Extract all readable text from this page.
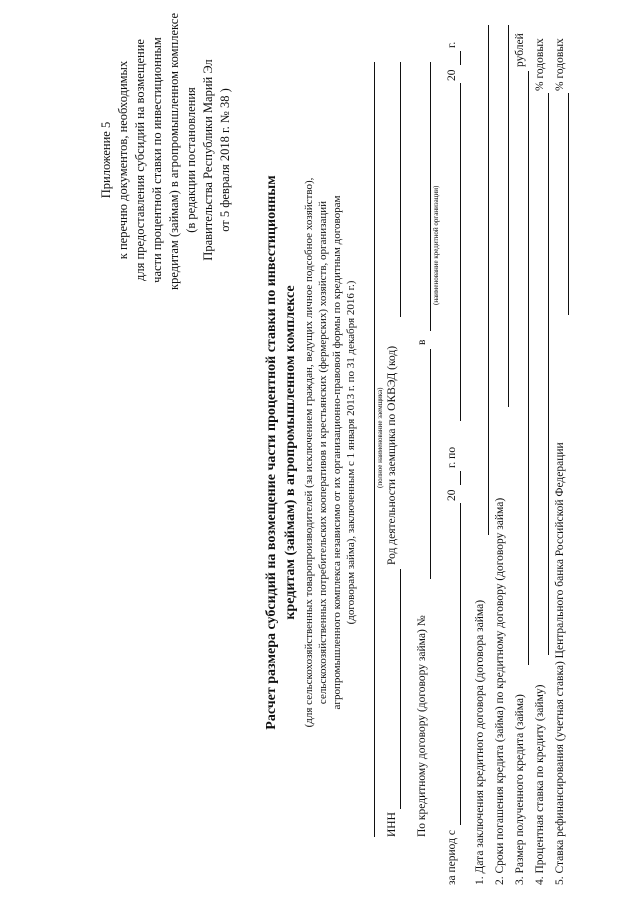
Приложение 5 к перечню документов, необходимых для предоставления субсидий на возмещение части процентной ставки по инвестиционным кредитам (займам) в агропромышленном комплексе (в редакции постановления Правительства Республики Марий Эл от 5 февраля 2018 г. № 38 )
Расчет размера субсидий на возмещение части процентной ставки по инвестиционным кредитам (займам) в агропромышленном комплексе (для сельскохозяйственных товаропроизводителей (за исключением граждан, ведущих личное подсобное хозяйство), сельскохозяйственных потребительских кооперативов и крестьянских (фермерских) хозяйств, организаций агропромышленного комплекса независимо от их организационно-правовой формы по кредитным договорам (договорам займа), заключенным с 1 января 2013 г. по 31 декабря 2016 г.)	(полное наименование заемщика)
ИНН
Род деятельности заемщика по ОКВЭД (код)
По кредитному договору (договору займа) №
в
(наименование кредитной организации)
за период с
20
г. по
20
г.
1. Дата заключения кредитного договора (договора займа) 2. Сроки погашения кредита (займа) по кредитному договору (договору займа) 3. Размер полученного кредита (займа)
рублей
4. Процентная ставка по кредиту (займу)
% годовых
5. Ставка рефинансирования (учетная ставка) Центрального банка Российской Федерации
% годовых
